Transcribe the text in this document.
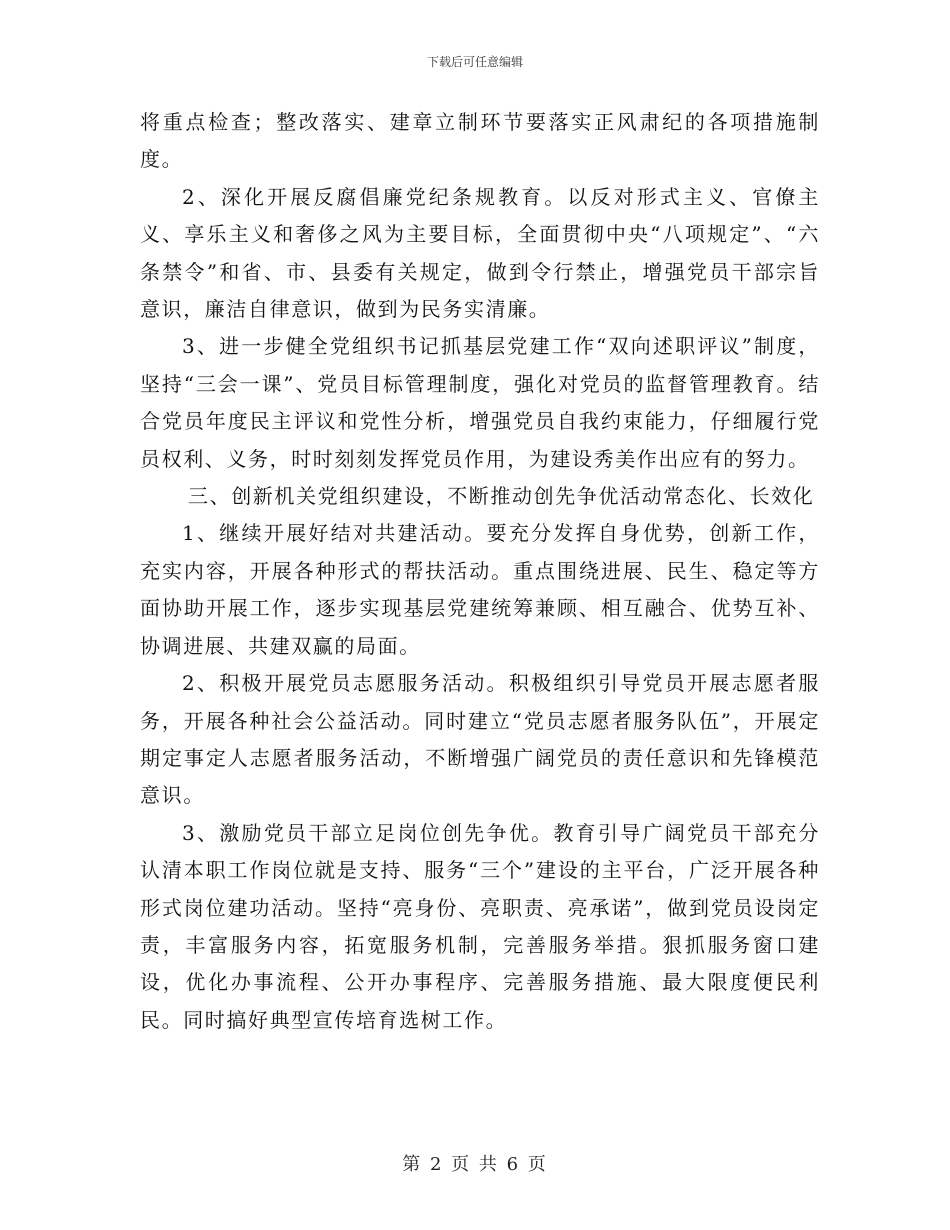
下载后可任意编辑

将重点检查；整改落实、建章立制环节要落实正风肃纪的各项措施制度。

2、深化开展反腐倡廉党纪条规教育。以反对形式主义、官僚主义、享乐主义和奢侈之风为主要目标，全面贯彻中央“八项规定”、“六条禁令”和省、市、县委有关规定，做到令行禁止，增强党员干部宗旨意识，廉洁自律意识，做到为民务实清廉。

3、进一步健全党组织书记抓基层党建工作“双向述职评议”制度，坚持“三会一课”、党员目标管理制度，强化对党员的监督管理教育。结合党员年度民主评议和党性分析，增强党员自我约束能力，仔细履行党员权利、义务，时时刻刻发挥党员作用，为建设秀美作出应有的努力。

三、创新机关党组织建设，不断推动创先争优活动常态化、长效化

1、继续开展好结对共建活动。要充分发挥自身优势，创新工作，充实内容，开展各种形式的帮扶活动。重点围绕进展、民生、稳定等方面协助开展工作，逐步实现基层党建统筹兼顾、相互融合、优势互补、协调进展、共建双赢的局面。

2、积极开展党员志愿服务活动。积极组织引导党员开展志愿者服务，开展各种社会公益活动。同时建立“党员志愿者服务队伍”，开展定期定事定人志愿者服务活动，不断增强广阔党员的责任意识和先锋模范意识。

3、激励党员干部立足岗位创先争优。教育引导广阔党员干部充分认清本职工作岗位就是支持、服务“三个”建设的主平台，广泛开展各种形式岗位建功活动。坚持“亮身份、亮职责、亮承诺”，做到党员设岗定责，丰富服务内容，拓宽服务机制，完善服务举措。狠抓服务窗口建设，优化办事流程、公开办事程序、完善服务措施、最大限度便民利民。同时搞好典型宣传培育选树工作。

第 2 页 共 6 页
